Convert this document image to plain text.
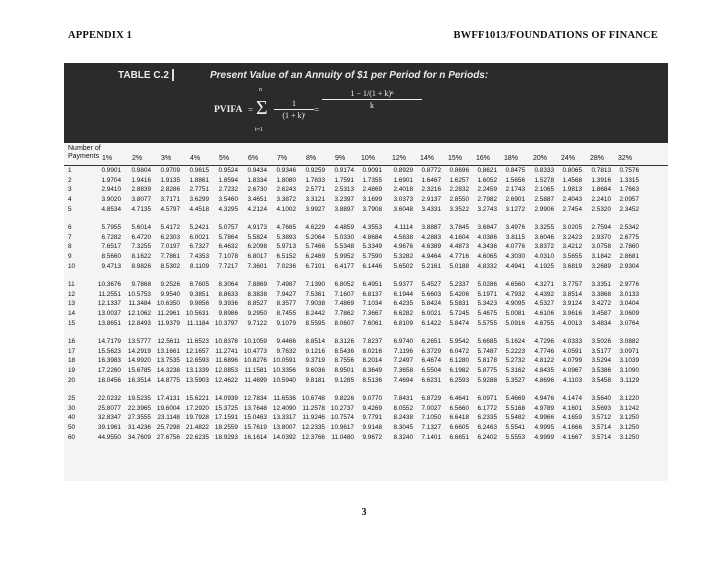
APPENDIX 1	BWFF1013/FOUNDATIONS OF FINANCE
TABLE C.2	Present Value of an Annuity of $1 per Period for n Periods:
PVIFA =
n
Σ
t=1
1
(1 + k)ᵗ
=
1 − 1/(1 + k)ⁿ
k
Number of
Payments 1%	2%	3%	4%	5%	6%	7%	8%	9%	10%	12%	14%	15%	16%	18%	20%	24%	28%	32%
1	0.9901	0.9804	0.9709	0.9615	0.9524	0.9434	0.9346	0.9259	0.9174	0.9091	0.8929	0.8772	0.8696	0.8621	0.8475	0.8333	0.8065	0.7813	0.7576
2	1.9704	1.9416	1.9135	1.8861	1.8594	1.8334	1.8080	1.7833	1.7591	1.7355	1.6901	1.6467	1.6257	1.6052	1.5656	1.5278	1.4568	1.3916	1.3315
3	2.9410	2.8839	2.8286	2.7751	2.7232	2.6730	2.6243	2.5771	2.5313	2.4869	2.4018	2.3216	2.2832	2.2459	2.1743	2.1065	1.9813	1.8684	1.7663
4	3.9020	3.8077	3.7171	3.6299	3.5460	3.4651	3.3872	3.3121	3.2397	3.1699	3.0373	2.9137	2.8550	2.7982	2.6901	2.5887	2.4043	2.2410	2.0957
5	4.8534	4.7135	4.5797	4.4518	4.3295	4.2124	4.1002	3.9927	3.8897	3.7908	3.6048	3.4331	3.3522	3.2743	3.1272	2.9906	2.7454	2.5320	2.3452
6	5.7955	5.6014	5.4172	5.2421	5.0757	4.9173	4.7665	4.6229	4.4859	4.3553	4.1114	3.8887	3.7845	3.6847	3.4976	3.3255	3.0205	2.7594	2.5342
7	6.7282	6.4720	6.2303	6.0021	5.7864	5.5824	5.3893	5.2064	5.0330	4.8684	4.5638	4.2883	4.1604	4.0386	3.8115	3.6046	3.2423	2.9370	2.6775
8	7.6517	7.3255	7.0197	6.7327	6.4632	6.2098	5.9713	5.7466	5.5348	5.3349	4.9676	4.6389	4.4873	4.3436	4.0776	3.8372	3.4212	3.0758	2.7860
9	8.5660	8.1622	7.7861	7.4353	7.1078	6.8017	6.5152	6.2469	5.9952	5.7590	5.3282	4.9464	4.7716	4.6065	4.3030	4.0310	3.5655	3.1842	2.8681
10	9.4713	8.9826	8.5302	8.1109	7.7217	7.3601	7.0236	6.7101	6.4177	6.1446	5.6502	5.2161	5.0188	4.8332	4.4941	4.1925	3.6819	3.2689	2.9304
11	10.3676	9.7868	9.2526	8.7605	8.3064	7.8869	7.4987	7.1390	6.8052	6.4951	5.9377	5.4527	5.2337	5.0286	4.6560	4.3271	3.7757	3.3351	2.9776
12	11.2551	10.5753	9.9540	9.3851	8.8633	8.3838	7.9427	7.5361	7.1607	6.8137	6.1944	5.6603	5.4206	5.1971	4.7932	4.4392	3.8514	3.3868	3.0133
13	12.1337	11.3484 10.6350	9.9856	9.3936	8.8527	8.3577	7.9038	7.4869	7.1034	6.4235	5.8424	5.5831	5.3423	4.9095	4.5327	3.9124	3.4272	3.0404
14	13.0037	12.1062 11.2961 10.5631	9.8986	9.2950	8.7455	8.2442	7.7862	7.3667	6.6282	6.0021	5.7245	5.4675	5.0081	4.6106	3.9616	3.4587	3.0609
15	13.8651	12.8493 11.9379	11.1184 10.3797	9.7122	9.1079	8.5595	8.0607	7.6061	6.8109	6.1422	5.8474	5.5755	5.0916	4.6755	4.0013	3.4834	3.0764
16	14.7179	13.5777 12.5611 11.6523 10.8378 10.1059	9.4466	8.8514	8.3126	7.8237	6.9740	6.2651	5.9542	5.6685	5.1624	4.7296	4.0333	3.5026	3.0882
17	15.5623	14.2919 13.1661 12.1657 11.2741 10.4773	9.7632	9.1216	8.5436	8.0216	7.1196	6.3729	6.0472	5.7487	5.2223	4.7746	4.0591	3.5177	3.0971
18	16.3983	14.9920 13.7535 12.6593 11.6896 10.8276 10.0591	9.3719	8.7556	8.2014	7.2497	6.4674	6.1280	5.8178	5.2732	4.8122	4.0799	3.5294	3.1039
19	17.2260	15.6785 14.3238 13.1339 12.0853 11.1581 10.3356	9.6036	8.9501	8.3649	7.3658	6.5504	6.1982	5.8775	5.3162	4.8435	4.0967	3.5386	3.1090
20	18.0456	16.3514 14.8775 13.5903 12.4622 11.4699 10.5940	9.8181	9.1285	8.5136	7.4694	6.6231	6.2593	5.9288	5.3527	4.8696	4.1103	3.5458	3.1129
25	22.0232	19.5235 17.4131 15.6221 14.0939 12.7834 11.6536 10.6748	9.8226	9.0770	7.8431	6.8729	6.4641	6.0971	5.4669	4.9476	4.1474	3.5640	3.1220
30	25.8077	22.3965 19.6004 17.2920 15.3725 13.7648 12.4090 11.2578 10.2737	9.4269	8.0552	7.0027	6.5660	6.1772	5.5168	4.9789	4.1601	3.5693	3.1242
40	32.8347	27.3555 23.1148 19.7928 17.1591 15.0463 13.3317 11.9246 10.7574	9.7791	8.2438	7.1050	6.6418	6.2335	5.5482	4.9966	4.1659	3.5712	3.1250
50	39.1961	31.4236 25.7298 21.4822 18.2559 15.7619 13.8007 12.2335 10.9617	9.9148	8.3045	7.1327	6.6605	6.2463	5.5541	4.9995	4.1666	3.5714	3.1250
60	44.9550	34.7609 27.6756 22.6235 18.9293 16.1614 14.0392 12.3766 11.0480	9.9672	8.3240	7.1401	6.6651	6.2402	5.5553	4.9999	4.1667	3.5714	3.1250
3
